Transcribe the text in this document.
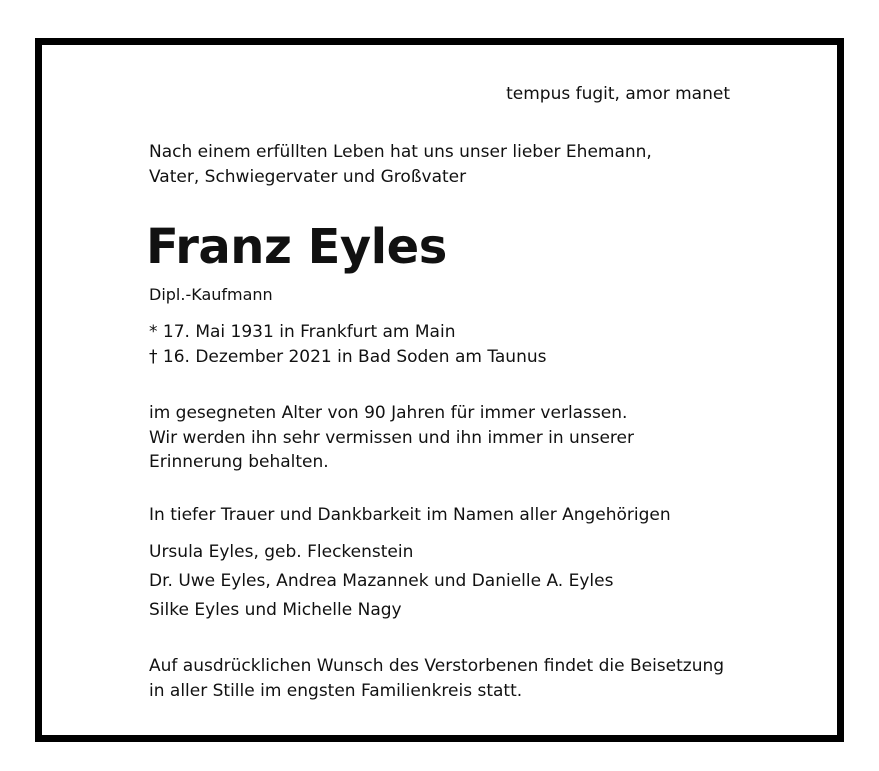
tempus fugit, amor manet
Nach einem erfüllten Leben hat uns unser lieber Ehemann,
Vater, Schwiegervater und Großvater
Franz Eyles
Dipl.-Kaufmann
* 17. Mai 1931 in Frankfurt am Main
† 16. Dezember 2021 in Bad Soden am Taunus
im gesegneten Alter von 90 Jahren für immer verlassen.
Wir werden ihn sehr vermissen und ihn immer in unserer
Erinnerung behalten.
In tiefer Trauer und Dankbarkeit im Namen aller Angehörigen
Ursula Eyles, geb. Fleckenstein
Dr. Uwe Eyles, Andrea Mazannek und Danielle A. Eyles
Silke Eyles und Michelle Nagy
Auf ausdrücklichen Wunsch des Verstorbenen findet die Beisetzung
in aller Stille im engsten Familienkreis statt.
